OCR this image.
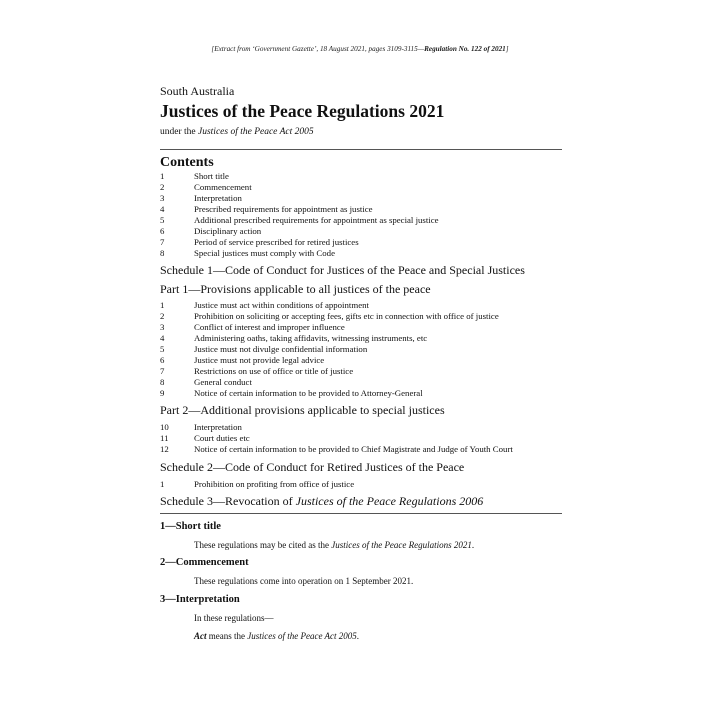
[Extract from ‘Government Gazette’, 18 August 2021, pages 3109-3115—Regulation No. 122 of 2021]
South Australia
Justices of the Peace Regulations 2021
under the Justices of the Peace Act 2005
Contents
1	Short title
2	Commencement
3	Interpretation
4	Prescribed requirements for appointment as justice
5	Additional prescribed requirements for appointment as special justice
6	Disciplinary action
7	Period of service prescribed for retired justices
8	Special justices must comply with Code
Schedule 1—Code of Conduct for Justices of the Peace and Special Justices
Part 1—Provisions applicable to all justices of the peace
1	Justice must act within conditions of appointment
2	Prohibition on soliciting or accepting fees, gifts etc in connection with office of justice
3	Conflict of interest and improper influence
4	Administering oaths, taking affidavits, witnessing instruments, etc
5	Justice must not divulge confidential information
6	Justice must not provide legal advice
7	Restrictions on use of office or title of justice
8	General conduct
9	Notice of certain information to be provided to Attorney-General
Part 2—Additional provisions applicable to special justices
10	Interpretation
11	Court duties etc
12	Notice of certain information to be provided to Chief Magistrate and Judge of Youth Court
Schedule 2—Code of Conduct for Retired Justices of the Peace
1	Prohibition on profiting from office of justice
Schedule 3—Revocation of Justices of the Peace Regulations 2006
1—Short title
These regulations may be cited as the Justices of the Peace Regulations 2021.
2—Commencement
These regulations come into operation on 1 September 2021.
3—Interpretation
In these regulations—
Act means the Justices of the Peace Act 2005.
